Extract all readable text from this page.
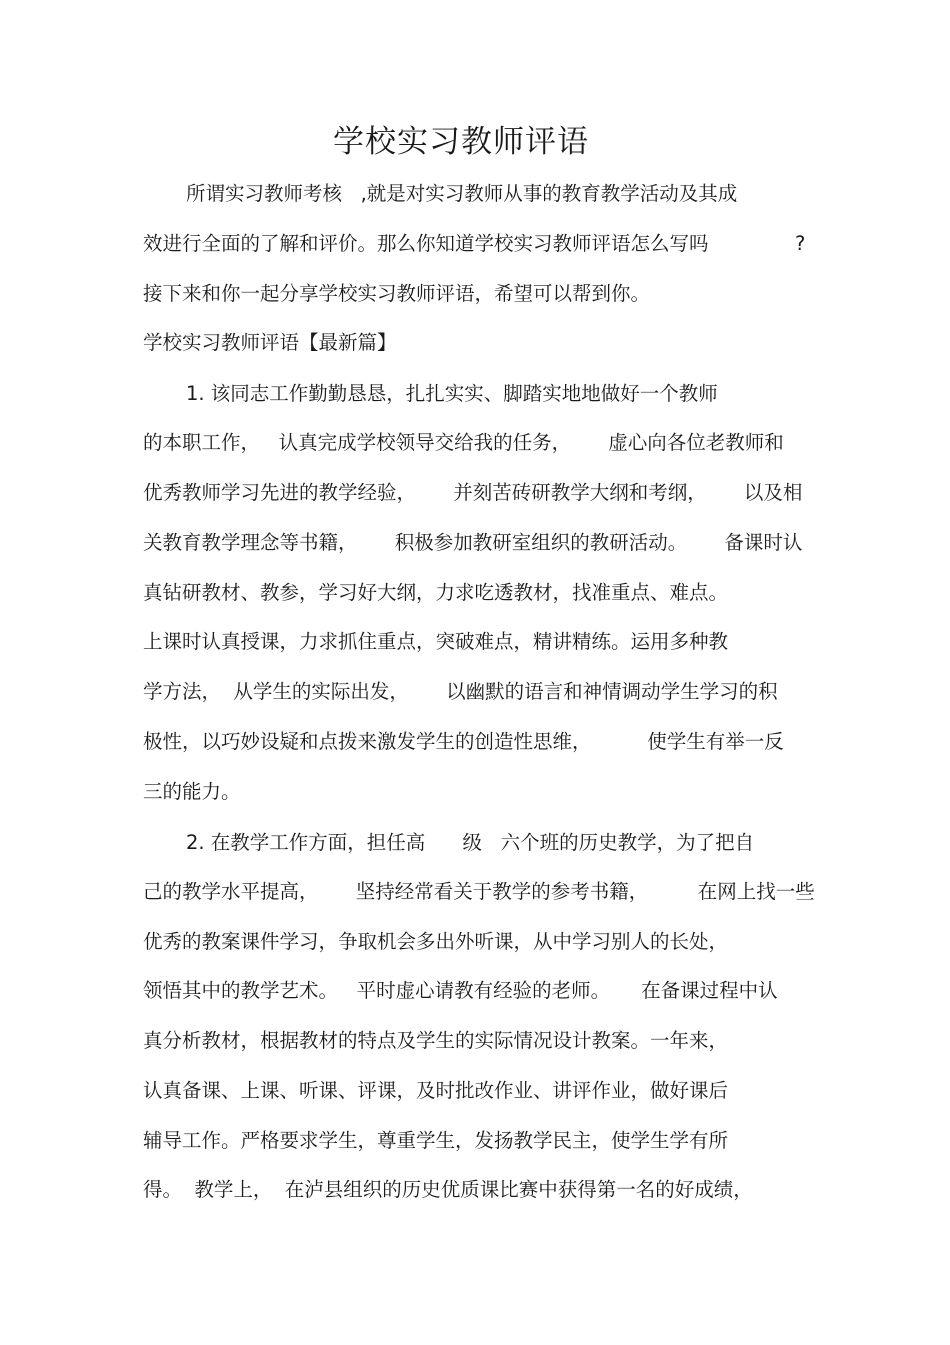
学校实习教师评语
所谓实习教师考核   ,就是对实习教师从事的教育教学活动及其成
效进行全面的了解和评价。那么你知道学校实习教师评语怎么写吗	?
接下来和你一起分享学校实习教师评语，希望可以帮到你。
学校实习教师评语【最新篇】
1. 该同志工作勤勤恳恳，扎扎实实、脚踏实地地做好一个教师
的本职工作，   认真完成学校领导交给我的任务，      虚心向各位老教师和
优秀教师学习先进的教学经验，      并刻苦砖研教学大纲和考纲，      以及相
关教育教学理念等书籍，      积极参加教研室组织的教研活动。      备课时认
真钻研教材、教参，学习好大纲，力求吃透教材，找准重点、难点。
上课时认真授课，力求抓住重点，突破难点，精讲精练。运用多种教
学方法，  从学生的实际出发，      以幽默的语言和神情调动学生学习的积
极性，以巧妙设疑和点拨来激发学生的创造性思维，         使学生有举一反
三的能力。
2. 在教学工作方面，担任高      级   六个班的历史教学，为了把自
己的教学水平提高，      坚持经常看关于教学的参考书籍，        在网上找一些
优秀的教案课件学习，争取机会多出外听课，从中学习别人的长处，
领悟其中的教学艺术。   平时虚心请教有经验的老师。     在备课过程中认
真分析教材，根据教材的特点及学生的实际情况设计教案。一年来，
认真备课、上课、听课、评课，及时批改作业、讲评作业，做好课后
辅导工作。严格要求学生，尊重学生，发扬教学民主，使学生学有所
得。  教学上，  在泸县组织的历史优质课比赛中获得第一名的好成绩，
